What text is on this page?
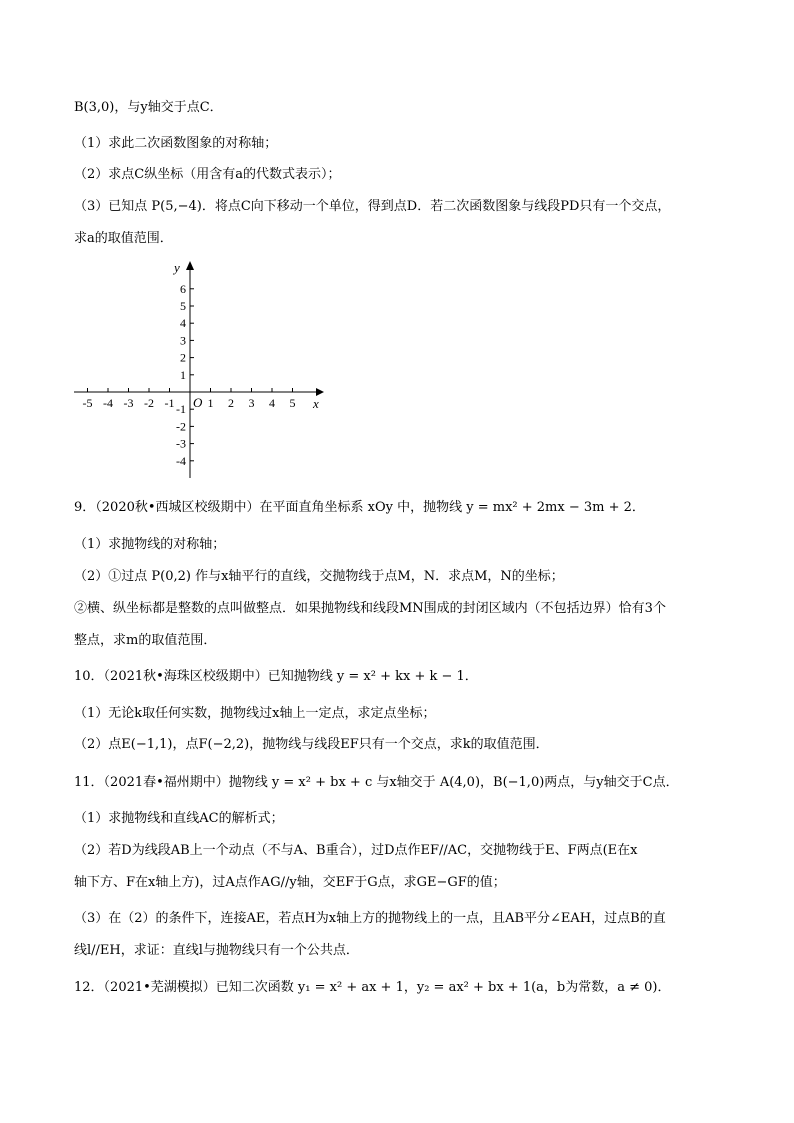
B(3,0)，与y轴交于点C．
（1）求此二次函数图象的对称轴；
（2）求点C纵坐标（用含有a的代数式表示）；
（3）已知点 P(5,−4)．将点C向下移动一个单位，得到点D．若二次函数图象与线段PD只有一个交点，
求a的取值范围．
-5 -4 -3 -2 -1	1 2 3 4 5
6
5
4
3
2
1
-1
-2
-3
-4
y
x
O
9．（2020秋•西城区校级期中）在平面直角坐标系 xOy 中，抛物线 y = mx² + 2mx − 3m + 2．
（1）求抛物线的对称轴；
（2）①过点 P(0,2) 作与x轴平行的直线，交抛物线于点M，N．求点M，N的坐标；
②横、纵坐标都是整数的点叫做整点．如果抛物线和线段MN围成的封闭区域内（不包括边界）恰有3个
整点，求m的取值范围．
10．（2021秋•海珠区校级期中）已知抛物线 y = x² + kx + k − 1．
（1）无论k取任何实数，抛物线过x轴上一定点，求定点坐标；
（2）点E(−1,1)，点F(−2,2)，抛物线与线段EF只有一个交点，求k的取值范围．
11．（2021春•福州期中）抛物线 y = x² + bx + c 与x轴交于 A(4,0)，B(−1,0)两点，与y轴交于C点．
（1）求抛物线和直线AC的解析式；
（2）若D为线段AB上一个动点（不与A、B重合），过D点作EF//AC，交抛物线于E、F两点(E在x
轴下方、F在x轴上方)，过A点作AG//y轴，交EF于G点，求GE−GF的值；
（3）在（2）的条件下，连接AE，若点H为x轴上方的抛物线上的一点，且AB平分∠EAH，过点B的直
线l//EH，求证：直线l与抛物线只有一个公共点．
12．（2021•芜湖模拟）已知二次函数 y₁ = x² + ax + 1，y₂ = ax² + bx + 1(a，b为常数，a ≠ 0)．
